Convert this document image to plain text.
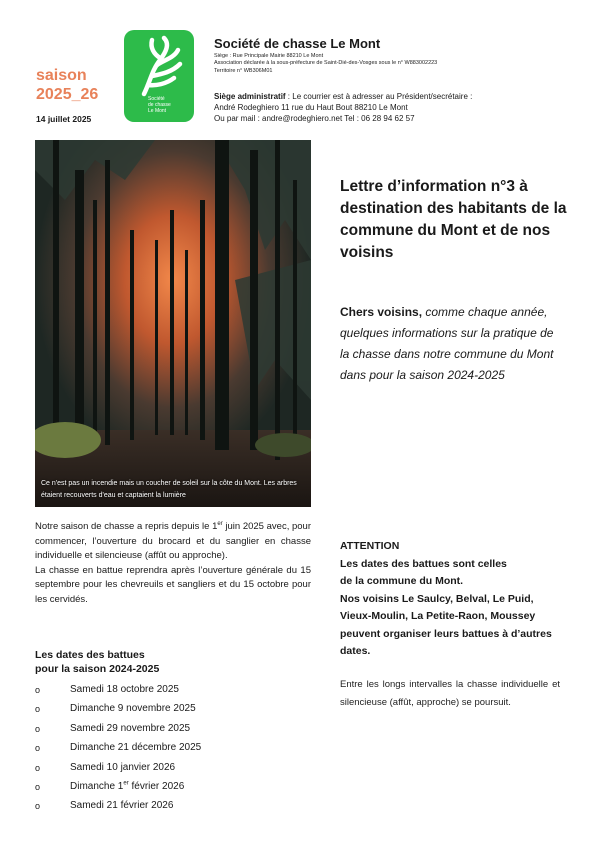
saison
2025_26
14 juillet 2025
Société
de chasse
Le Mont
Société de chasse Le Mont
Siège : Rue Principale Mairie 88210 Le Mont
Association déclarée à la sous-préfecture de Saint-Dié-des-Vosges sous le n° W883002223
Territoire n° WB306M01

Siège administratif : Le courrier est à adresser au Président/secrétaire :

André Rodeghiero 11 rue du Haut Bout 88210 Le Mont

Ou par mail : andre@rodeghiero.net Tel : 06 28 94 62 57

Ce n'est pas un incendie mais un coucher de soleil sur la côte du Mont. Les arbres étaient recouverts d'eau et captaient la lumière
Lettre d’information n°3 à destination des habitants de la commune du Mont et de nos voisins
Chers voisins, comme chaque année, quelques informations sur la pratique de la chasse dans notre commune du Mont dans pour la saison 2024-2025

Notre saison de chasse a repris depuis le 1er juin 2025 avec, pour commencer, l’ouverture du brocard et du sanglier en chasse individuelle et silencieuse (affût ou approche).

La chasse en battue reprendra après l’ouverture générale du 15 septembre pour les chevreuils et sangliers et du 15 octobre pour les cervidés.

Les dates des battues
pour la saison 2024-2025
o	Samedi 18 octobre 2025
o	Dimanche 9 novembre 2025
o	Samedi 29 novembre 2025
o	Dimanche 21 décembre 2025
o	Samedi 10 janvier 2026
o	Dimanche 1er février 2026
o	Samedi 21 février 2026

ATTENTION

Les dates des battues sont celles

de la commune du Mont.

Nos voisins Le Saulcy, Belval, Le Puid, Vieux-Moulin, La Petite-Raon, Moussey peuvent organiser leurs battues à d’autres dates.

Entre les longs intervalles la chasse individuelle et silencieuse (affût, approche) se poursuit.
